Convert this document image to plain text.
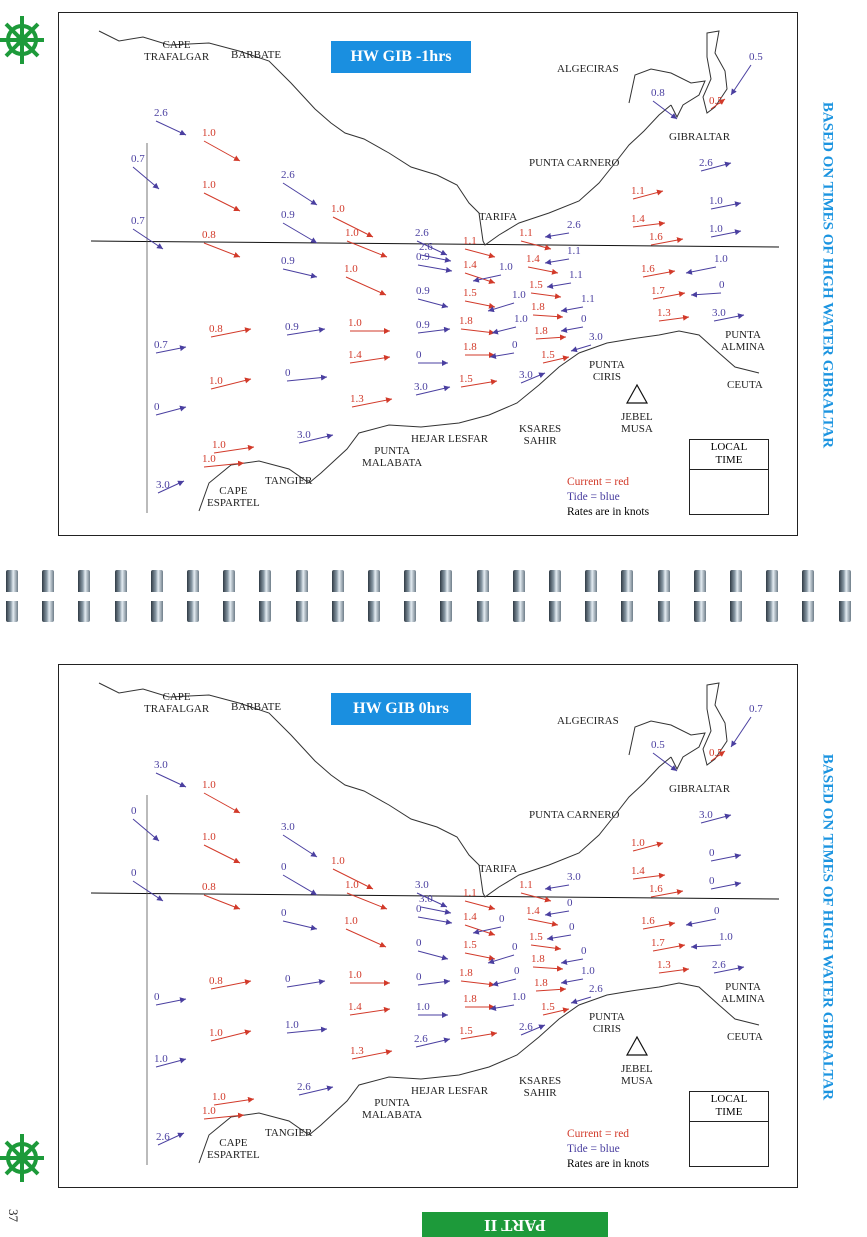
HW GIB -1hrs
CAPE
TRAFALGAR BARBATE
ALGECIRAS
GIBRALTAR
PUNTA CARNERO
TARIFA
PUNTA
ALMINA
CEUTA
PUNTA
CIRIS
JEBEL
MUSA
KSARES
SAHIR
HEJAR LESFAR
PUNTA
MALABATA
TANGIER
CAPE
ESPARTEL
2.6
1.0
0.7
1.0
2.6
0.7
0.8
0.9	1.0
1.0	2.6
0.9
1.0
0.9
0.9
0.8	0.9	1.0	0.9
0.7
1.4	0
1.0
0
1.3
3.0
0
3.0
1.0
3.0
1.1
1.4
1.5
1.8
1.8
1.5
2.6
1.0
1.0
1.0
0
3.0
1.1
1.4
1.5
1.8
1.8
1.5
2.6
1.1
1.1
1.1
0
3.0
1.1
1.4
1.6
1.6
1.7
1.3
2.6
1.0
1.0
1.0
0
3.0
0.8
0.5
0.5
1.0
Current = red
Tide = blue
Rates are in knots
LOCAL
TIME
HW GIB 0hrs
CAPE
TRAFALGAR BARBATE
ALGECIRAS
GIBRALTAR
PUNTA CARNERO
TARIFA
PUNTA
ALMINA
CEUTA
PUNTA
CIRIS
JEBEL
MUSA
KSARES
SAHIR
HEJAR LESFAR
PUNTA
MALABATA
TANGIER
CAPE
ESPARTEL
3.0
1.0
0
1.0
3.0
0
0.8
0	1.0
1.0	3.0
0
1.0
0
0
0.8	0	1.0	0
0
1.4	1.0
1.0
1.0
1.3
2.6
1.0
2.6
1.0
2.6
1.1
1.4
1.5
1.8
1.8
1.5
3.0
0
0
0
1.0
2.6
1.1
1.4
1.5
1.8
1.8
1.5
3.0
0
0
0
1.0
2.6
1.0
1.4
1.6
1.6
1.7
1.3
3.0
0
0
0
1.0
2.6
0.5
0.5
0.7
1.0
Current = red
Tide = blue
Rates are in knots
LOCAL
TIME
BASED ON TIMES OF HIGH WATER GIBRALTAR
BASED ON TIMES OF HIGH WATER GIBRALTAR
37	PART II
